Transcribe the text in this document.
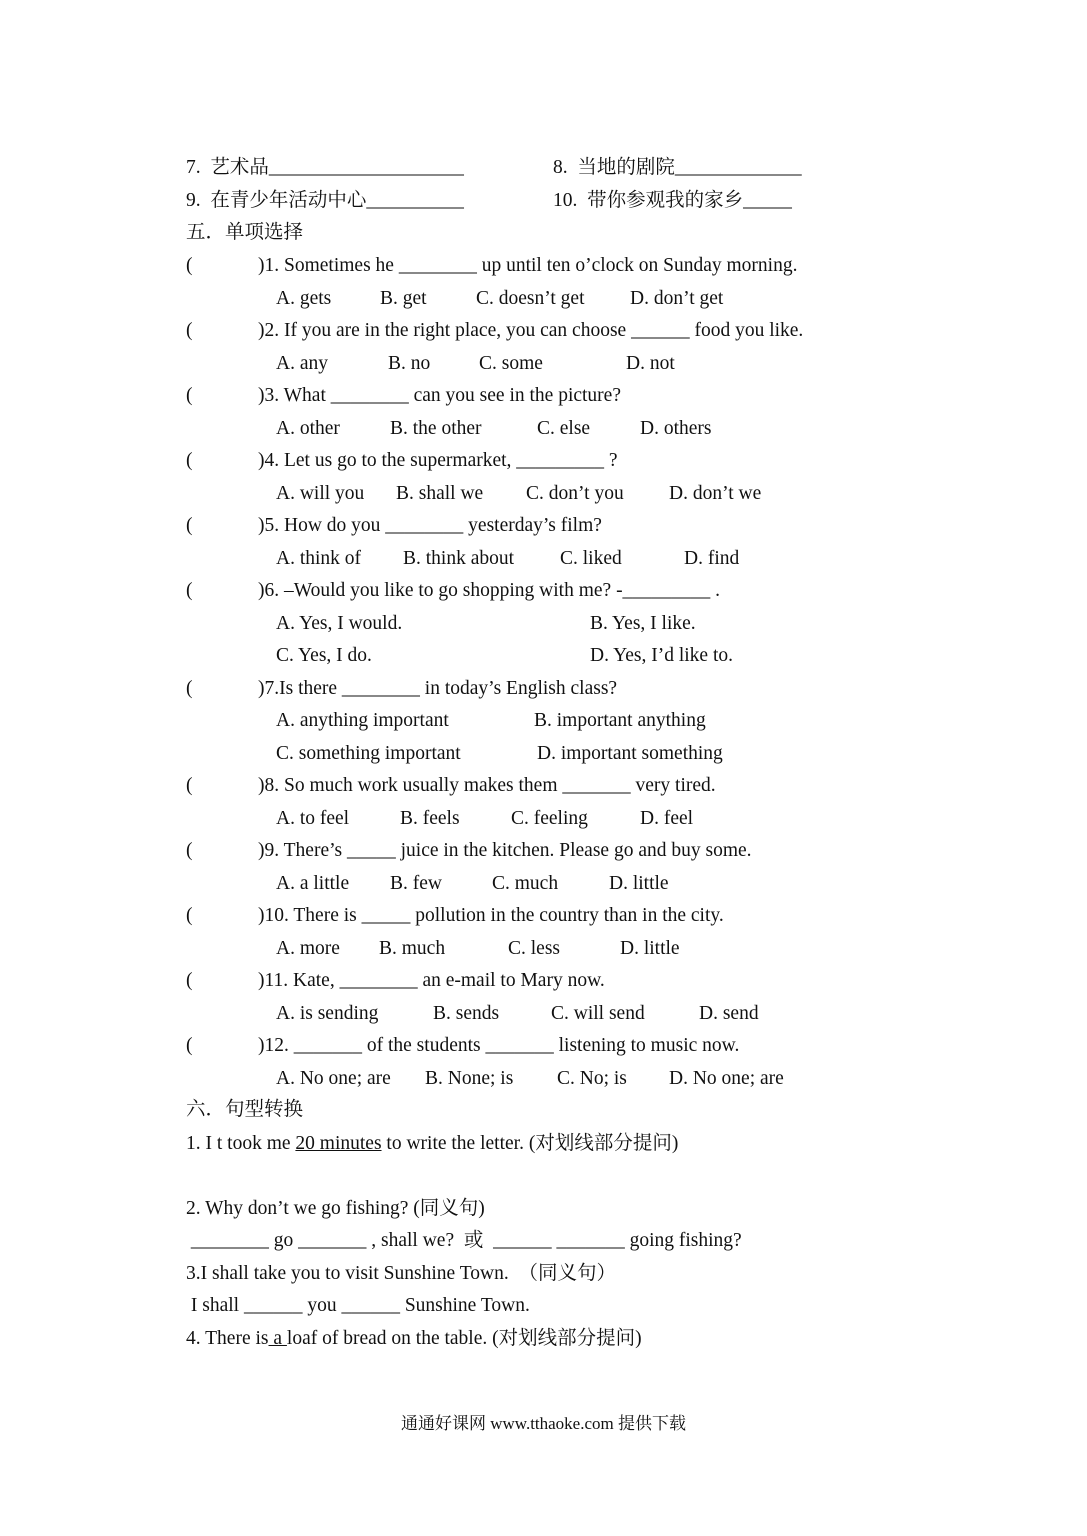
7. 艺术品____________________	8. 当地的剧院_____________
9. 在青少年活动中心__________	10. 带你参观我的家乡_____
五．单项选择
(	)1. Sometimes he ________ up until ten o’clock on Sunday morning.
A. gets	B. get	C. doesn’t get D. don’t get
(	)2. If you are in the right place, you can choose ______ food you like.
A. any	B. no C. some	D. not
(	)3. What ________ can you see in the picture?
A. other	B. the other	C. else	D. others
(	)4. Let us go to the supermarket, _________ ?
A. will you B. shall we C. don’t you D. don’t we
(	)5. How do you ________ yesterday’s film?
A. think of B. think about C. liked	D. find
(	)6. –Would you like to go shopping with me? -_________ .
A. Yes, I would.	B. Yes, I like.
C. Yes, I do.	D. Yes, I’d like to.
(	)7.Is there ________ in today’s English class?
A. anything important	B. important anything
C. something important	D. important something
(	)8. So much work usually makes them _______ very tired.
A. to feel	B. feels	C. feeling	D. feel
(	)9. There’s _____ juice in the kitchen. Please go and buy some.
A. a little B. few	C. much	D. little
(	)10. There is _____ pollution in the country than in the city.
A. more B. much	C. less	D. little
(	)11. Kate, ________ an e-mail to Mary now.
A. is sending	B. sends	C. will send	D. send
(	)12. _______ of the students _______ listening to music now.
A. No one; are B. None; is C. No; is D. No one; are
六．句型转换
1. I t took me 20 minutes to write the letter. (对划线部分提问)
2. Why don’t we go fishing? (同义句)
________ go _______ , shall we?  或  ______ _______ going fishing?
3.I shall take you to visit Sunshine Town.  （同义句）
I shall ______ you ______ Sunshine Town.
4. There is a loaf of bread on the table. (对划线部分提问)
通通好课网 www.tthaoke.com 提供下载
